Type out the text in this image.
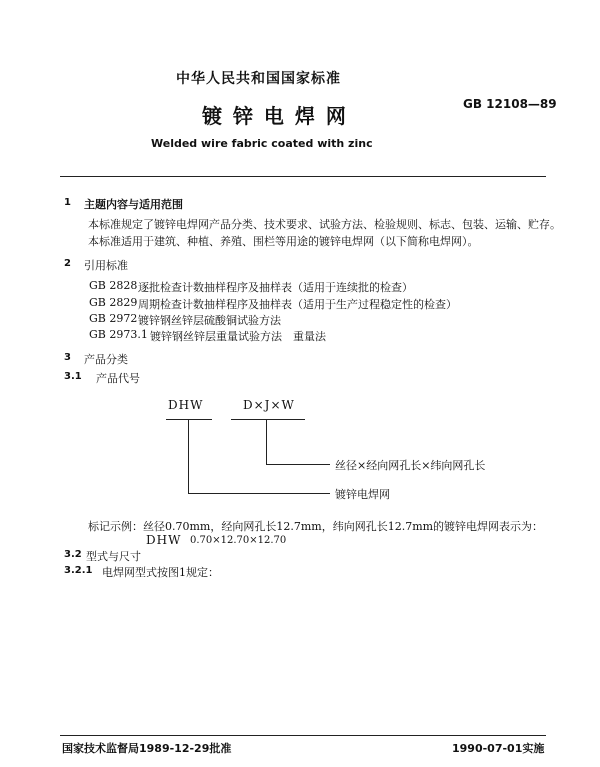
中华人民共和国国家标准
GB 12108—89
镀 锌 电 焊 网
Welded wire fabric coated with zinc
1 主题内容与适用范围
本标准规定了镀锌电焊网产品分类、技术要求、试验方法、检验规则、标志、包装、运输、贮存。
本标准适用于建筑、种植、养殖、围栏等用途的镀锌电焊网（以下简称电焊网）。
2 引用标准
GB 2828 逐批检查计数抽样程序及抽样表（适用于连续批的检查）
GB 2829 周期检查计数抽样程序及抽样表（适用于生产过程稳定性的检查）
GB 2972 镀锌钢丝锌层硫酸铜试验方法
GB 2973.1 镀锌钢丝锌层重量试验方法　重量法
3 产品分类
3.1 产品代号
DHW	D×J×W
丝径×经向网孔长×纬向网孔长
镀锌电焊网
标记示例：丝径0.70mm，经向网孔长12.7mm，纬向网孔长12.7mm的镀锌电焊网表示为：
DHW 0.70×12.70×12.70
3.2 型式与尺寸
3.2.1 电焊网型式按图1规定：
国家技术监督局1989-12-29批准	1990-07-01实施
